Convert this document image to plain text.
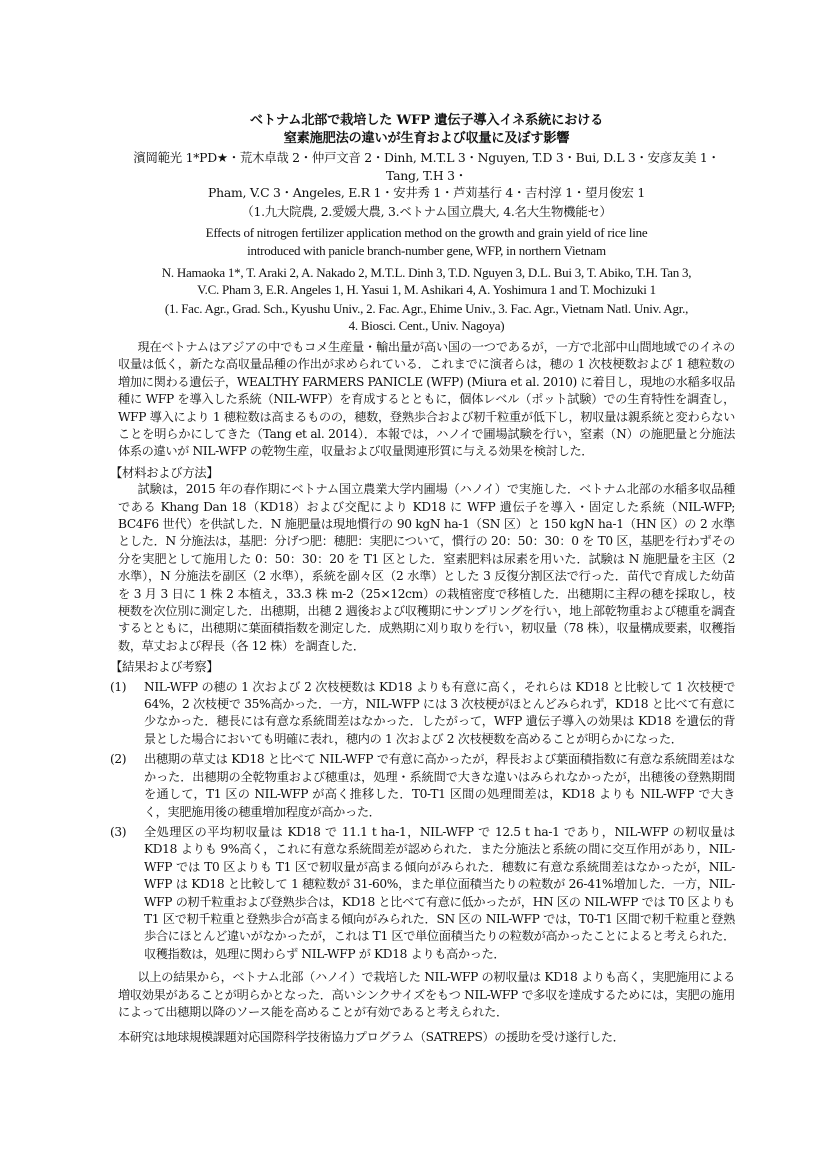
ベトナム北部で栽培した WFP 遺伝子導入イネ系統における
窒素施肥法の違いが生育および収量に及ぼす影響
濱岡範光 1*PD★・荒木卓哉 2・仲戸文音 2・Dinh, M.T.L 3・Nguyen, T.D 3・Bui, D.L 3・安彦友美 1・Tang, T.H 3・
Pham, V.C 3・Angeles, E.R 1・安井秀 1・芦苅基行 4・吉村淳 1・望月俊宏 1
（1.九大院農, 2.愛媛大農, 3.ベトナム国立農大, 4.名大生物機能セ）
Effects of nitrogen fertilizer application method on the growth and grain yield of rice line
introduced with panicle branch-number gene, WFP, in northern Vietnam
N. Hamaoka 1*, T. Araki 2, A. Nakado 2, M.T.L. Dinh 3, T.D. Nguyen 3, D.L. Bui 3, T. Abiko, T.H. Tan 3,
V.C. Pham 3, E.R. Angeles 1, H. Yasui 1, M. Ashikari 4, A. Yoshimura 1 and T. Mochizuki 1
(1. Fac. Agr., Grad. Sch., Kyushu Univ., 2. Fac. Agr., Ehime Univ., 3. Fac. Agr., Vietnam Natl. Univ. Agr.,
4. Biosci. Cent., Univ. Nagoya)

現在ベトナムはアジアの中でもコメ生産量・輸出量が高い国の一つであるが，一方で北部中山間地域でのイネの収量は低く，新たな高収量品種の作出が求められている．これまでに演者らは，穂の 1 次枝梗数および 1 穂粒数の増加に関わる遺伝子，WEALTHY FARMERS PANICLE (WFP) (Miura et al. 2010) に着目し，現地の水稲多収品種に WFP を導入した系統（NIL-WFP）を育成するとともに，個体レベル（ポット試験）での生育特性を調査し，WFP 導入により 1 穂粒数は高まるものの，穂数，登熟歩合および籾千粒重が低下し，籾収量は親系統と変わらないことを明らかにしてきた（Tang et al. 2014）．本報では，ハノイで圃場試験を行い，窒素（N）の施肥量と分施法体系の違いが NIL-WFP の乾物生産，収量および収量関連形質に与える効果を検討した．

【材料および方法】

試験は，2015 年の春作期にベトナム国立農業大学内圃場（ハノイ）で実施した．ベトナム北部の水稲多収品種である Khang Dan 18（KD18）および交配により KD18 に WFP 遺伝子を導入・固定した系統（NIL-WFP; BC4F6 世代）を供試した．N 施肥量は現地慣行の 90 kgN ha-1（SN 区）と 150 kgN ha-1（HN 区）の 2 水準とした．N 分施法は，基肥：分げつ肥：穂肥：実肥について，慣行の 20：50：30：0 を T0 区，基肥を行わずその分を実肥として施用した 0：50：30：20 を T1 区とした．窒素肥料は尿素を用いた．試験は N 施肥量を主区（2 水準），N 分施法を副区（2 水準），系統を副々区（2 水準）とした 3 反復分割区法で行った．苗代で育成した幼苗を 3 月 3 日に 1 株 2 本植え，33.3 株 m-2（25×12cm）の栽植密度で移植した．出穂期に主稈の穂を採取し，枝梗数を次位別に測定した．出穂期，出穂 2 週後および収穫期にサンプリングを行い，地上部乾物重および穂重を調査するとともに，出穂期に葉面積指数を測定した．成熟期に刈り取りを行い，籾収量（78 株），収量構成要素，収穫指数，草丈および稈長（各 12 株）を調査した．

【結果および考察】
(1) NIL-WFP の穂の 1 次および 2 次枝梗数は KD18 よりも有意に高く，それらは KD18 と比較して 1 次枝梗で 64%，2 次枝梗で 35%高かった．一方，NIL-WFP には 3 次枝梗がほとんどみられず，KD18 と比べて有意に少なかった．穂長には有意な系統間差はなかった．したがって，WFP 遺伝子導入の効果は KD18 を遺伝的背景とした場合においても明確に表れ，穂内の 1 次および 2 次枝梗数を高めることが明らかになった．
(2) 出穂期の草丈は KD18 と比べて NIL-WFP で有意に高かったが，稈長および葉面積指数に有意な系統間差はなかった．出穂期の全乾物重および穂重は，処理・系統間で大きな違いはみられなかったが，出穂後の登熟期間を通して，T1 区の NIL-WFP が高く推移した．T0-T1 区間の処理間差は，KD18 よりも NIL-WFP で大きく，実肥施用後の穂重増加程度が高かった．
(3) 全処理区の平均籾収量は KD18 で 11.1 t ha-1，NIL-WFP で 12.5 t ha-1 であり，NIL-WFP の籾収量は KD18 よりも 9%高く，これに有意な系統間差が認められた．また分施法と系統の間に交互作用があり，NIL-WFP では T0 区よりも T1 区で籾収量が高まる傾向がみられた．穂数に有意な系統間差はなかったが，NIL-WFP は KD18 と比較して 1 穂粒数が 31-60%，また単位面積当たりの粒数が 26-41%増加した．一方，NIL-WFP の籾千粒重および登熟歩合は，KD18 と比べて有意に低かったが，HN 区の NIL-WFP では T0 区よりも T1 区で籾千粒重と登熟歩合が高まる傾向がみられた．SN 区の NIL-WFP では，T0-T1 区間で籾千粒重と登熟歩合にほとんど違いがなかったが，これは T1 区で単位面積当たりの粒数が高かったことによると考えられた．収穫指数は，処理に関わらず NIL-WFP が KD18 よりも高かった．

以上の結果から，ベトナム北部（ハノイ）で栽培した NIL-WFP の籾収量は KD18 よりも高く，実肥施用による増収効果があることが明らかとなった．高いシンクサイズをもつ NIL-WFP で多収を達成するためには，実肥の施用によって出穂期以降のソース能を高めることが有効であると考えられた．

本研究は地球規模課題対応国際科学技術協力プログラム（SATREPS）の援助を受け遂行した．
